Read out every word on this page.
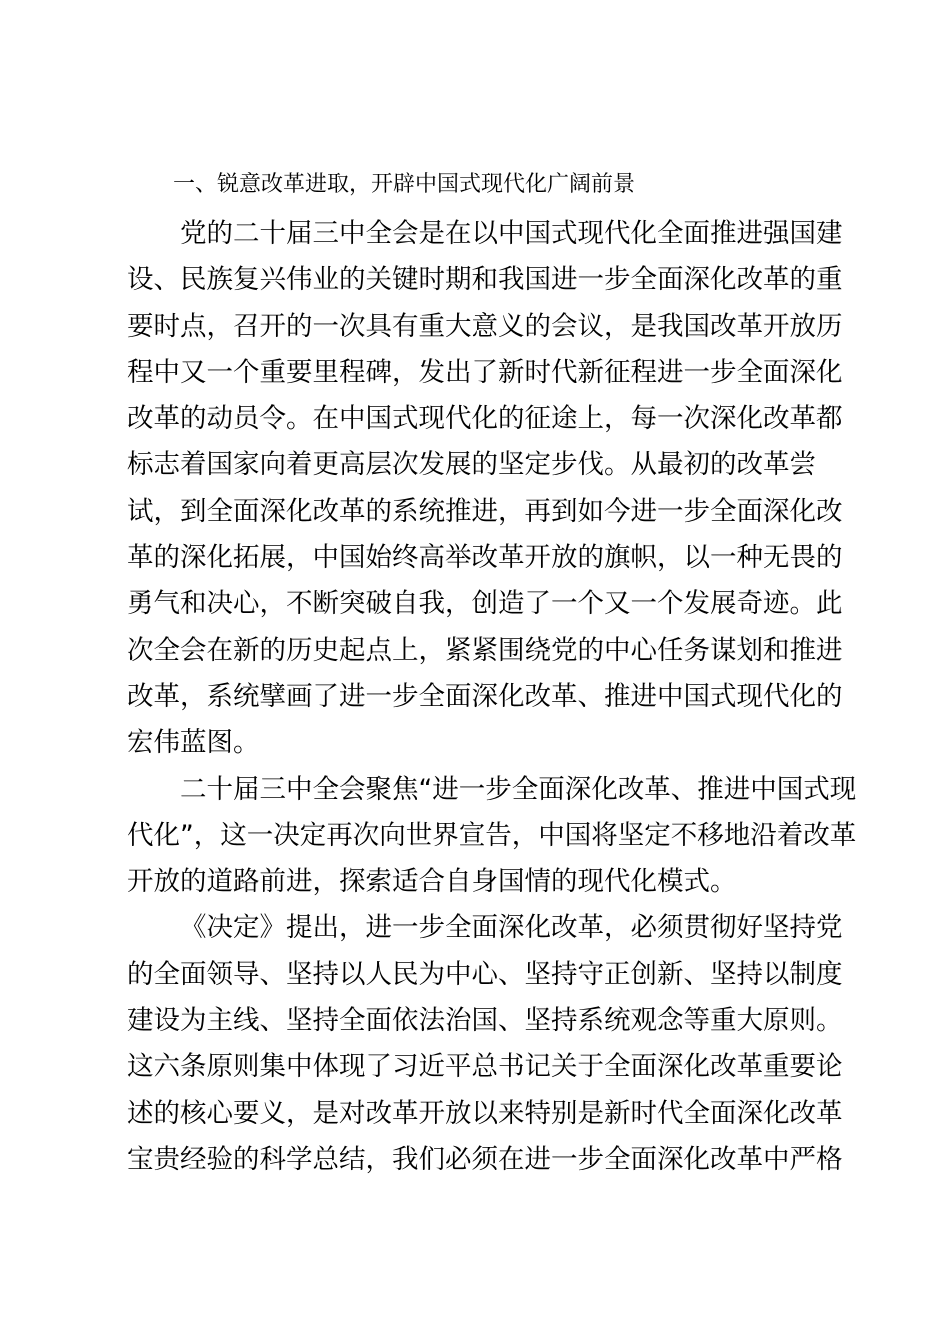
一、锐意改革进取，开辟中国式现代化广阔前景
党的二十届三中全会是在以中国式现代化全面推进强国建
设、民族复兴伟业的关键时期和我国进一步全面深化改革的重
要时点，召开的一次具有重大意义的会议，是我国改革开放历
程中又一个重要里程碑，发出了新时代新征程进一步全面深化
改革的动员令。在中国式现代化的征途上，每一次深化改革都
标志着国家向着更高层次发展的坚定步伐。从最初的改革尝
试，到全面深化改革的系统推进，再到如今进一步全面深化改
革的深化拓展，中国始终高举改革开放的旗帜，以一种无畏的
勇气和决心，不断突破自我，创造了一个又一个发展奇迹。此
次全会在新的历史起点上，紧紧围绕党的中心任务谋划和推进
改革，系统擘画了进一步全面深化改革、推进中国式现代化的
宏伟蓝图。
二十届三中全会聚焦“进一步全面深化改革、推进中国式现
代化”，这一决定再次向世界宣告，中国将坚定不移地沿着改革
开放的道路前进，探索适合自身国情的现代化模式。
《决定》提出，进一步全面深化改革，必须贯彻好坚持党
的全面领导、坚持以人民为中心、坚持守正创新、坚持以制度
建设为主线、坚持全面依法治国、坚持系统观念等重大原则。
这六条原则集中体现了习近平总书记关于全面深化改革重要论
述的核心要义，是对改革开放以来特别是新时代全面深化改革
宝贵经验的科学总结，我们必须在进一步全面深化改革中严格
